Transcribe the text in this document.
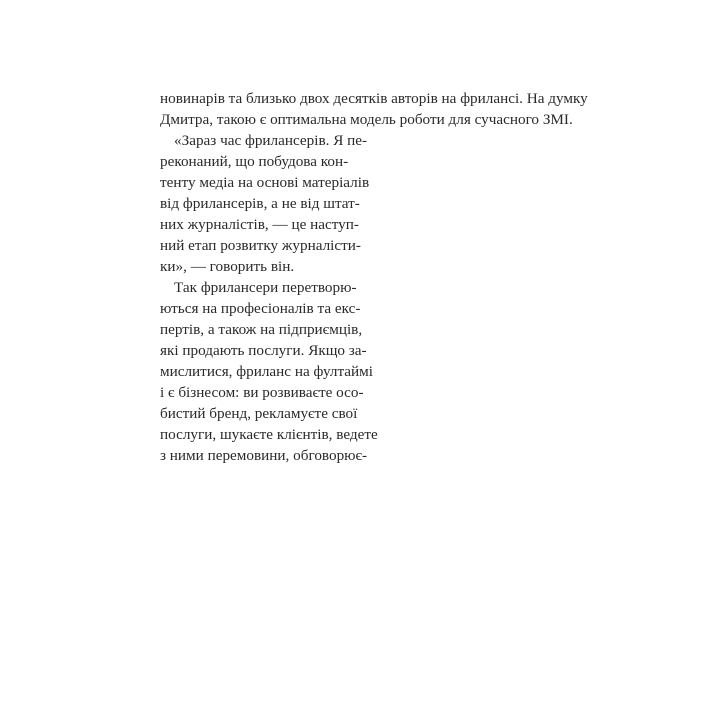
новинарів та близько двох десятків авторів на фрилансі. На думку
Дмитра, такою є оптимальна модель роботи для сучасного ЗМІ.
«Зараз час фрилансерів. Я пе-
реконаний, що побудова кон-
тенту медіа на основі матеріалів
від фрилансерів, а не від штат-
них журналістів, — це наступ-
ний етап розвитку журналісти-
ки», — говорить він.
Так фрилансери перетворю-
ються на професіоналів та екс-
пертів, а також на підприємців,
які продають послуги. Якщо за-
мислитися, фриланс на фултаймі
і є бізнесом: ви розвиваєте осо-
бистий бренд, рекламуєте свої
послуги, шукаєте клієнтів, ведете
з ними перемовини, обговорює-
